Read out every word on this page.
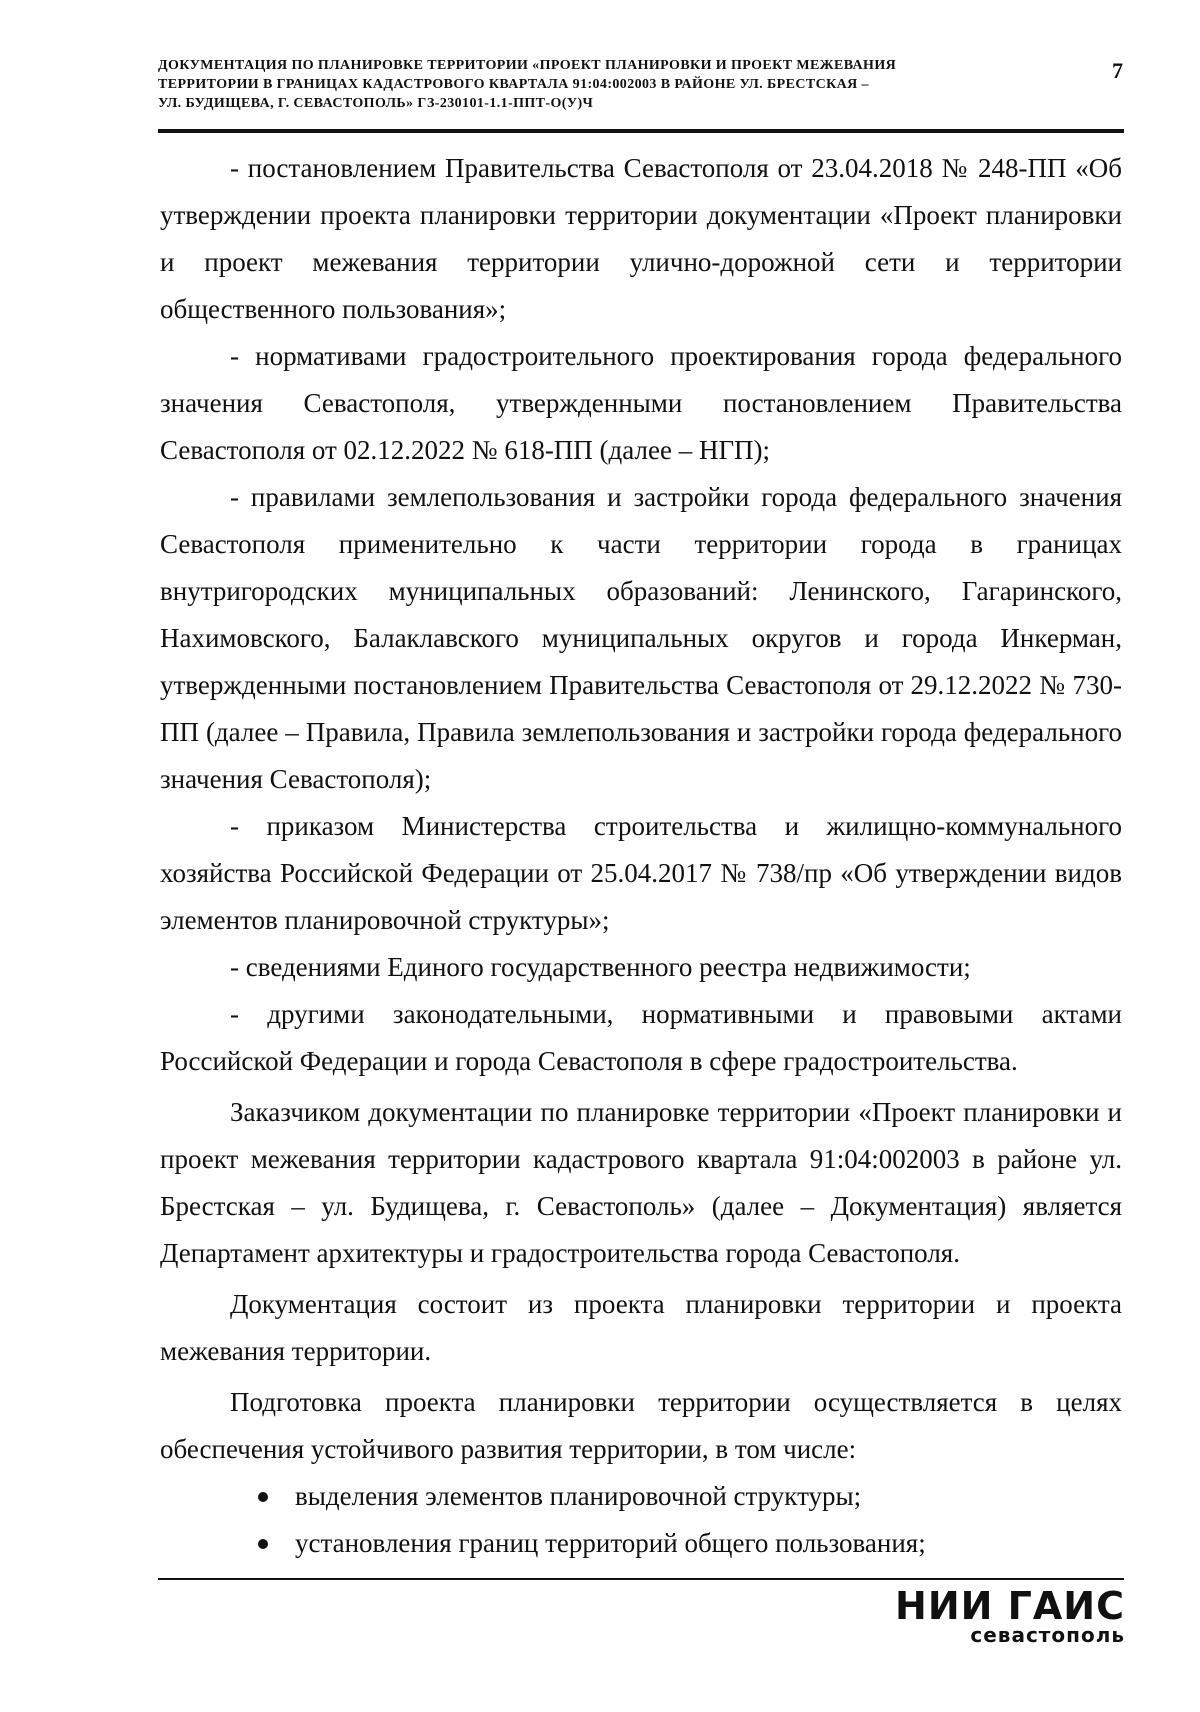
ДОКУМЕНТАЦИЯ ПО ПЛАНИРОВКЕ ТЕРРИТОРИИ «ПРОЕКТ ПЛАНИРОВКИ И ПРОЕКТ МЕЖЕВАНИЯ

ТЕРРИТОРИИ В ГРАНИЦАХ КАДАСТРОВОГО КВАРТАЛА 91:04:002003 В РАЙОНЕ УЛ. БРЕСТСКАЯ –

УЛ. БУДИЩЕВА, Г. СЕВАСТОПОЛЬ» ГЗ-230101-1.1-ППТ-О(У)Ч

7

- постановлением Правительства Севастополя от 23.04.2018 № 248-ПП «Об утверждении проекта планировки территории документации «Проект планировки и проект межевания территории улично-дорожной сети и территории общественного пользования»;

- нормативами градостроительного проектирования города федерального значения Севастополя, утвержденными постановлением Правительства Севастополя от 02.12.2022 № 618-ПП (далее – НГП);

- правилами землепользования и застройки города федерального значения Севастополя применительно к части территории города в границах внутригородских муниципальных образований: Ленинского, Гагаринского, Нахимовского, Балаклавского муниципальных округов и города Инкерман, утвержденными постановлением Правительства Севастополя от 29.12.2022 № 730-ПП (далее – Правила, Правила землепользования и застройки города федерального значения Севастополя);

- приказом Министерства строительства и жилищно-коммунального хозяйства Российской Федерации от 25.04.2017 № 738/пр «Об утверждении видов элементов планировочной структуры»;

- сведениями Единого государственного реестра недвижимости;

- другими законодательными, нормативными и правовыми актами Российской Федерации и города Севастополя в сфере градостроительства.

Заказчиком документации по планировке территории «Проект планировки и проект межевания территории кадастрового квартала 91:04:002003 в районе ул. Брестская – ул. Будищева, г. Севастополь» (далее – Документация) является Департамент архитектуры и градостроительства города Севастополя.

Документация состоит из проекта планировки территории и проекта межевания территории.

Подготовка проекта планировки территории осуществляется в целях обеспечения устойчивого развития территории, в том числе:

выделения элементов планировочной структуры;
установления границ территорий общего пользования;
НИИ ГАИС
севастополь
